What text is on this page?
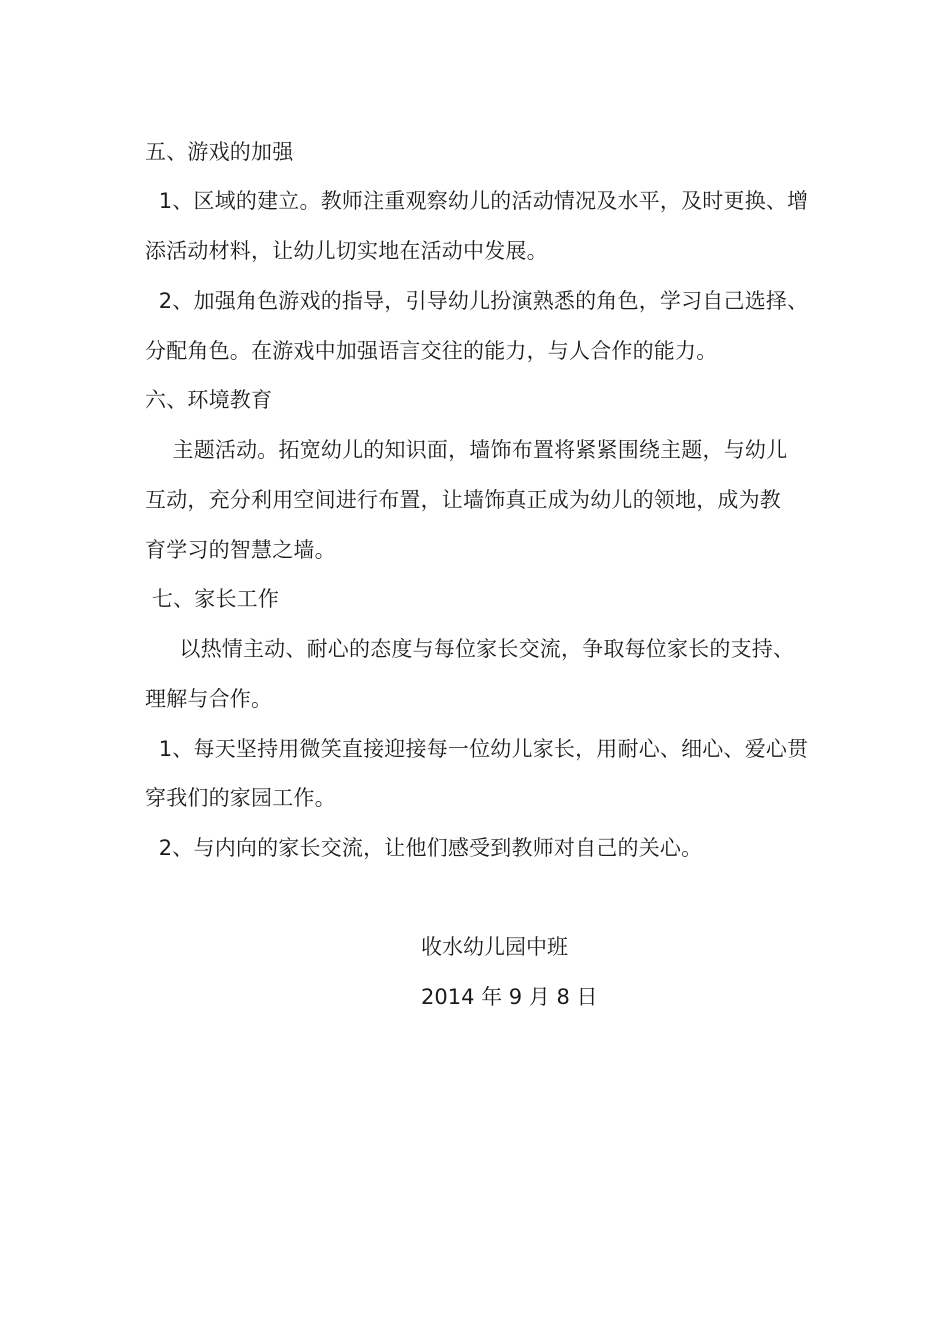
五、游戏的加强
1、区域的建立。教师注重观察幼儿的活动情况及水平，及时更换、增
添活动材料，让幼儿切实地在活动中发展。
2、加强角色游戏的指导，引导幼儿扮演熟悉的角色，学习自己选择、
分配角色。在游戏中加强语言交往的能力，与人合作的能力。
六、环境教育
主题活动。拓宽幼儿的知识面，墙饰布置将紧紧围绕主题，与幼儿
互动，充分利用空间进行布置，让墙饰真正成为幼儿的领地，成为教
育学习的智慧之墙。
七、家长工作
以热情主动、耐心的态度与每位家长交流，争取每位家长的支持、
理解与合作。
1、每天坚持用微笑直接迎接每一位幼儿家长，用耐心、细心、爱心贯
穿我们的家园工作。
2、与内向的家长交流，让他们感受到教师对自己的关心。
收水幼儿园中班
2014 年 9 月 8 日
